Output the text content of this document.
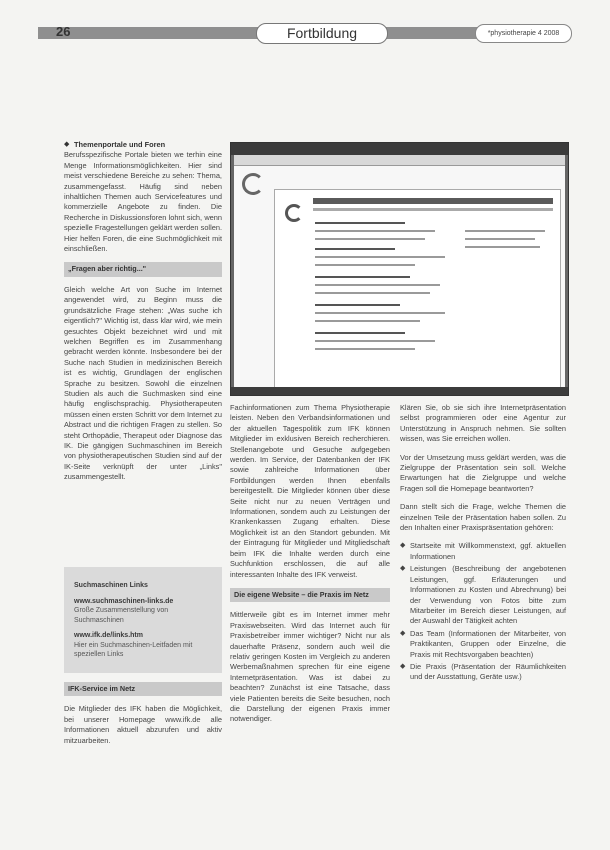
26	Fortbildung	*physiotherapie 4 2008

◆ Themenportale und Foren
Berufsspezifische Portale bieten we terhin eine Menge Informationsmöglichkeiten. Hier sind meist verschiedene Bereiche zu sehen: Thema, zusammengefasst. Häufig sind neben inhaltlichen Themen auch Servicefeatures und kommerzielle Angebote zu finden. Die Recherche in Diskussionsforen lohnt sich, wenn spezielle Fragestellungen geklärt werden sollen. Hier helfen Foren, die eine Suchmöglichkeit mit einschließen.

„Fragen aber richtig..."

Gleich welche Art von Suche im Internet angewendet wird, zu Beginn muss die grundsätzliche Frage stehen: „Was suche ich eigentlich?" Wichtig ist, dass klar wird, wie mein gesuchtes Objekt bezeichnet wird und mit welchen Begriffen es im Zusammenhang gebracht werden könnte. Insbesondere bei der Suche nach Studien in medizinischen Bereich ist es wichtig, Grundlagen der englischen Sprache zu besitzen. Sowohl die einzelnen Studien als auch die Suchmasken sind eine häufig englischsprachig. Physiotherapeuten müssen einen ersten Schritt vor dem Internet zu Abstract und die richtigen Fragen zu stellen. So steht Orthopädie, Therapeut oder Diagnose das IK. Die gängigen Suchmaschinen im Bereich von physiotherapeutischen Studien sind auf der IK-Seite verknüpft der unter „Links" zusammengestellt.

Suchmaschinen Links
www.suchmaschinen-links.de
Große Zusammenstellung von Suchmaschinen
www.ifk.de/links.htm
Hier ein Suchmaschinen-Leitfaden mit speziellen Links
IFK-Service im Netz

Die Mitglieder des IFK haben die Möglichkeit, bei unserer Homepage www.ifk.de alle Informationen aktuell abzurufen und aktiv mitzuarbeiten.

Fachinformationen zum Thema Physiotherapie leisten. Neben den Verbandsinformationen und der aktuellen Tagespolitik zum IFK können Mitglieder im exklusiven Bereich recherchieren. Stellenangebote und Gesuche aufgegeben werden. Im Service, der Datenbanken der IFK sowie zahlreiche Informationen über Fortbildungen werden Ihnen ebenfalls bereitgestellt. Die Mitglieder können über diese Seite nicht nur zu neuen Verträgen und Informationen, sondern auch zu Leistungen der Krankenkassen Zugang erhalten. Diese Möglichkeit ist an den Standort gebunden. Mit der Eintragung für Mitglieder und Mitgliedschaft beim IFK die Inhalte werden durch eine Suchfunktion erschlossen, die auf alle interessanten Inhalte des IFK verweist.

Die eigene Website – die Praxis im Netz

Mittlerweile gibt es im Internet immer mehr Praxiswebseiten. Wird das Internet auch für Praxisbetreiber immer wichtiger? Nicht nur als dauerhafte Präsenz, sondern auch weil die relativ geringen Kosten im Vergleich zu anderen Werbemaßnahmen sprechen für eine eigene Internetpräsentation. Was ist dabei zu beachten? Zunächst ist eine Tatsache, dass viele Patienten bereits die Seite besuchen, noch die Darstellung der eigenen Praxis immer notwendiger.

Klären Sie, ob sie sich ihre Internetpräsentation selbst programmieren oder eine Agentur zur Unterstützung in Anspruch nehmen. Sie sollten wissen, was Sie erreichen wollen.

Vor der Umsetzung muss geklärt werden, was die Zielgruppe der Präsentation sein soll. Welche Erwartungen hat die Zielgruppe und welche Fragen soll die Homepage beantworten?

Dann stellt sich die Frage, welche Themen die einzelnen Teile der Präsentation haben sollen. Zu den Inhalten einer Praxispräsentation gehören:

◆ Startseite mit Willkommenstext, ggf. aktuellen Informationen
◆ Leistungen (Beschreibung der angebotenen Leistungen, ggf. Erläuterungen und Informationen zu Kosten und Abrechnung) bei der Verwendung von Fotos bitte zum Mitarbeiter im Bereich dieser Leistungen, auf der Auswahl der Tätigkeit achten
◆ Das Team (Informationen der Mitarbeiter, von Praktikanten, Gruppen oder Einzelne, die Praxis mit Rechtsvorgaben beachten)
◆ Die Praxis (Präsentation der Räumlichkeiten und der Ausstattung, Geräte usw.)
